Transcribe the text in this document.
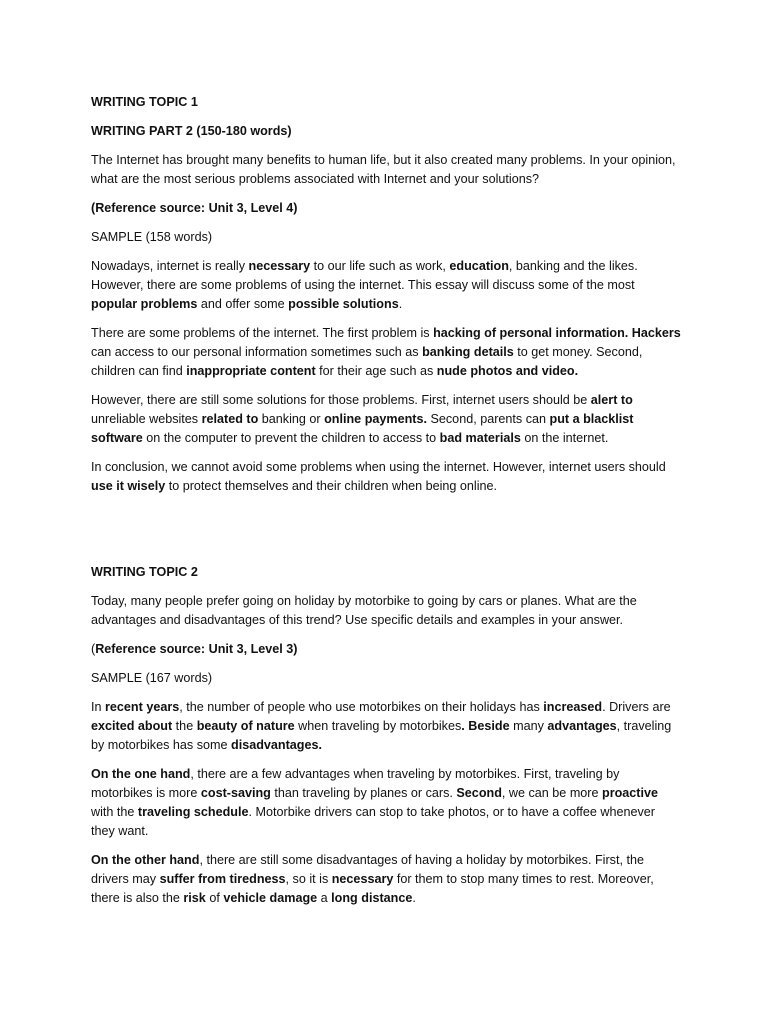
WRITING TOPIC 1

WRITING PART 2 (150-180 words)

The Internet has brought many benefits to human life, but it also created many problems. In your opinion, what are the most serious problems associated with Internet and your solutions?

(Reference source: Unit 3, Level 4)

SAMPLE (158 words)

Nowadays, internet is really necessary to our life such as work, education, banking and the likes. However, there are some problems of using the internet. This essay will discuss some of the most popular problems and offer some possible solutions.

There are some problems of the internet. The first problem is hacking of personal information. Hackers can access to our personal information sometimes such as banking details to get money. Second, children can find inappropriate content for their age such as nude photos and video.

However, there are still some solutions for those problems. First, internet users should be alert to unreliable websites related to banking or online payments. Second, parents can put a blacklist software on the computer to prevent the children to access to bad materials on the internet.

In conclusion, we cannot avoid some problems when using the internet. However, internet users should use it wisely to protect themselves and their children when being online.

WRITING TOPIC 2

Today, many people prefer going on holiday by motorbike to going by cars or planes. What are the advantages and disadvantages of this trend? Use specific details and examples in your answer.

(Reference source: Unit 3, Level 3)

SAMPLE (167 words)

In recent years, the number of people who use motorbikes on their holidays has increased. Drivers are excited about the beauty of nature when traveling by motorbikes. Beside many advantages, traveling by motorbikes has some disadvantages.

On the one hand, there are a few advantages when traveling by motorbikes. First, traveling by motorbikes is more cost-saving than traveling by planes or cars. Second, we can be more proactive with the traveling schedule. Motorbike drivers can stop to take photos, or to have a coffee whenever they want.

On the other hand, there are still some disadvantages of having a holiday by motorbikes. First, the drivers may suffer from tiredness, so it is necessary for them to stop many times to rest. Moreover, there is also the risk of vehicle damage a long distance.
